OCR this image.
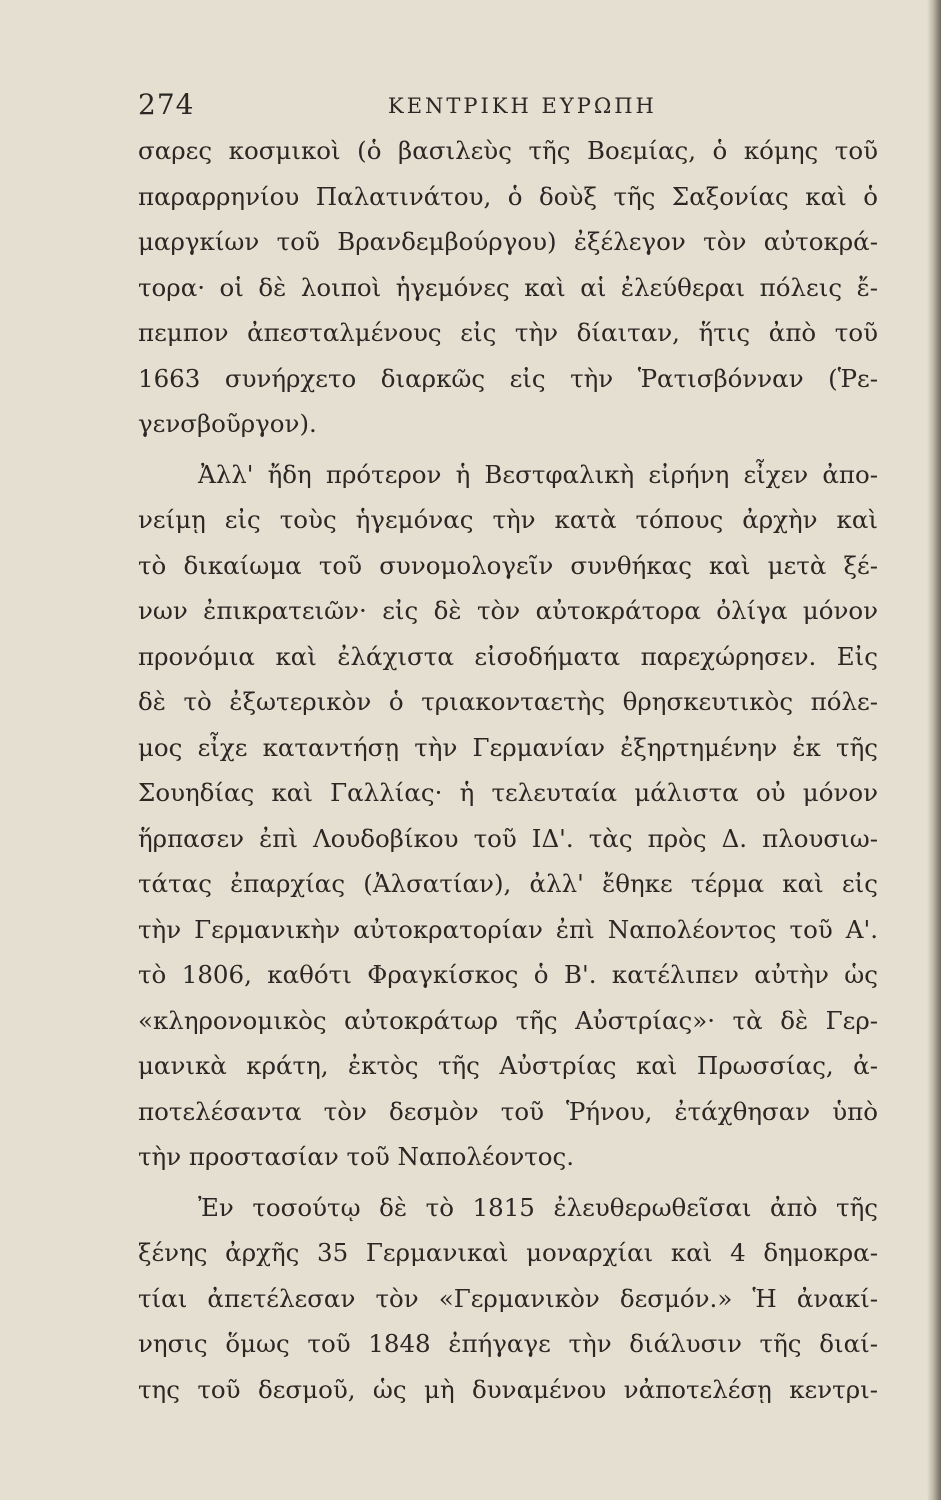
274	ΚΕΝΤΡΙΚΗ ΕΥΡΩΠΗ
σαρες κοσμικοὶ (ὁ βασιλεὺς τῆς Βοεμίας, ὁ κόμης τοῦ
παραρρηνίου Παλατινάτου, ὁ δοὺξ τῆς Σαξονίας καὶ ὁ
μαργκίων τοῦ Βρανδεμβούργου) ἐξέλεγον τὸν αὐτοκρά-
τορα· οἱ δὲ λοιποὶ ἡγεμόνες καὶ αἱ ἐλεύθεραι πόλεις ἔ-
πεμπον ἀπεσταλμένους εἰς τὴν δίαιταν, ἥτις ἀπὸ τοῦ
1663 συνήρχετο διαρκῶς εἰς τὴν Ῥατισβόνναν (Ῥε-
γενσβοῦργον).
Ἀλλ' ἤδη πρότερον ἡ Βεστφαλικὴ εἰρήνη εἶχεν ἀπο-
νείμῃ εἰς τοὺς ἡγεμόνας τὴν κατὰ τόπους ἀρχὴν καὶ
τὸ δικαίωμα τοῦ συνομολογεῖν συνθήκας καὶ μετὰ ξέ-
νων ἐπικρατειῶν· εἰς δὲ τὸν αὐτοκράτορα ὀλίγα μόνον
προνόμια καὶ ἐλάχιστα εἰσοδήματα παρεχώρησεν. Εἰς
δὲ τὸ ἐξωτερικὸν ὁ τριακονταετὴς θρησκευτικὸς πόλε-
μος εἶχε καταντήσῃ τὴν Γερμανίαν ἐξηρτημένην ἐκ τῆς
Σουηδίας καὶ Γαλλίας· ἡ τελευταία μάλιστα οὐ μόνον
ἥρπασεν ἐπὶ Λουδοβίκου τοῦ ΙΔ'. τὰς πρὸς Δ. πλουσιω-
τάτας ἐπαρχίας (Ἀλσατίαν), ἀλλ' ἔθηκε τέρμα καὶ εἰς
τὴν Γερμανικὴν αὐτοκρατορίαν ἐπὶ Ναπολέοντος τοῦ Α'.
τὸ 1806, καθότι Φραγκίσκος ὁ Β'. κατέλιπεν αὐτὴν ὡς
«κληρονομικὸς αὐτοκράτωρ τῆς Αὐστρίας»· τὰ δὲ Γερ-
μανικὰ κράτη, ἐκτὸς τῆς Αὐστρίας καὶ Πρωσσίας, ἀ-
ποτελέσαντα τὸν δεσμὸν τοῦ Ῥήνου, ἐτάχθησαν ὑπὸ
τὴν προστασίαν τοῦ Ναπολέοντος.
Ἐν τοσούτῳ δὲ τὸ 1815 ἐλευθερωθεῖσαι ἀπὸ τῆς
ξένης ἀρχῆς 35 Γερμανικαὶ μοναρχίαι καὶ 4 δημοκρα-
τίαι ἀπετέλεσαν τὸν «Γερμανικὸν δεσμόν.» Ἡ ἀνακί-
νησις ὅμως τοῦ 1848 ἐπήγαγε τὴν διάλυσιν τῆς διαί-
της τοῦ δεσμοῦ, ὡς μὴ δυναμένου νἀποτελέσῃ κεντρι-
